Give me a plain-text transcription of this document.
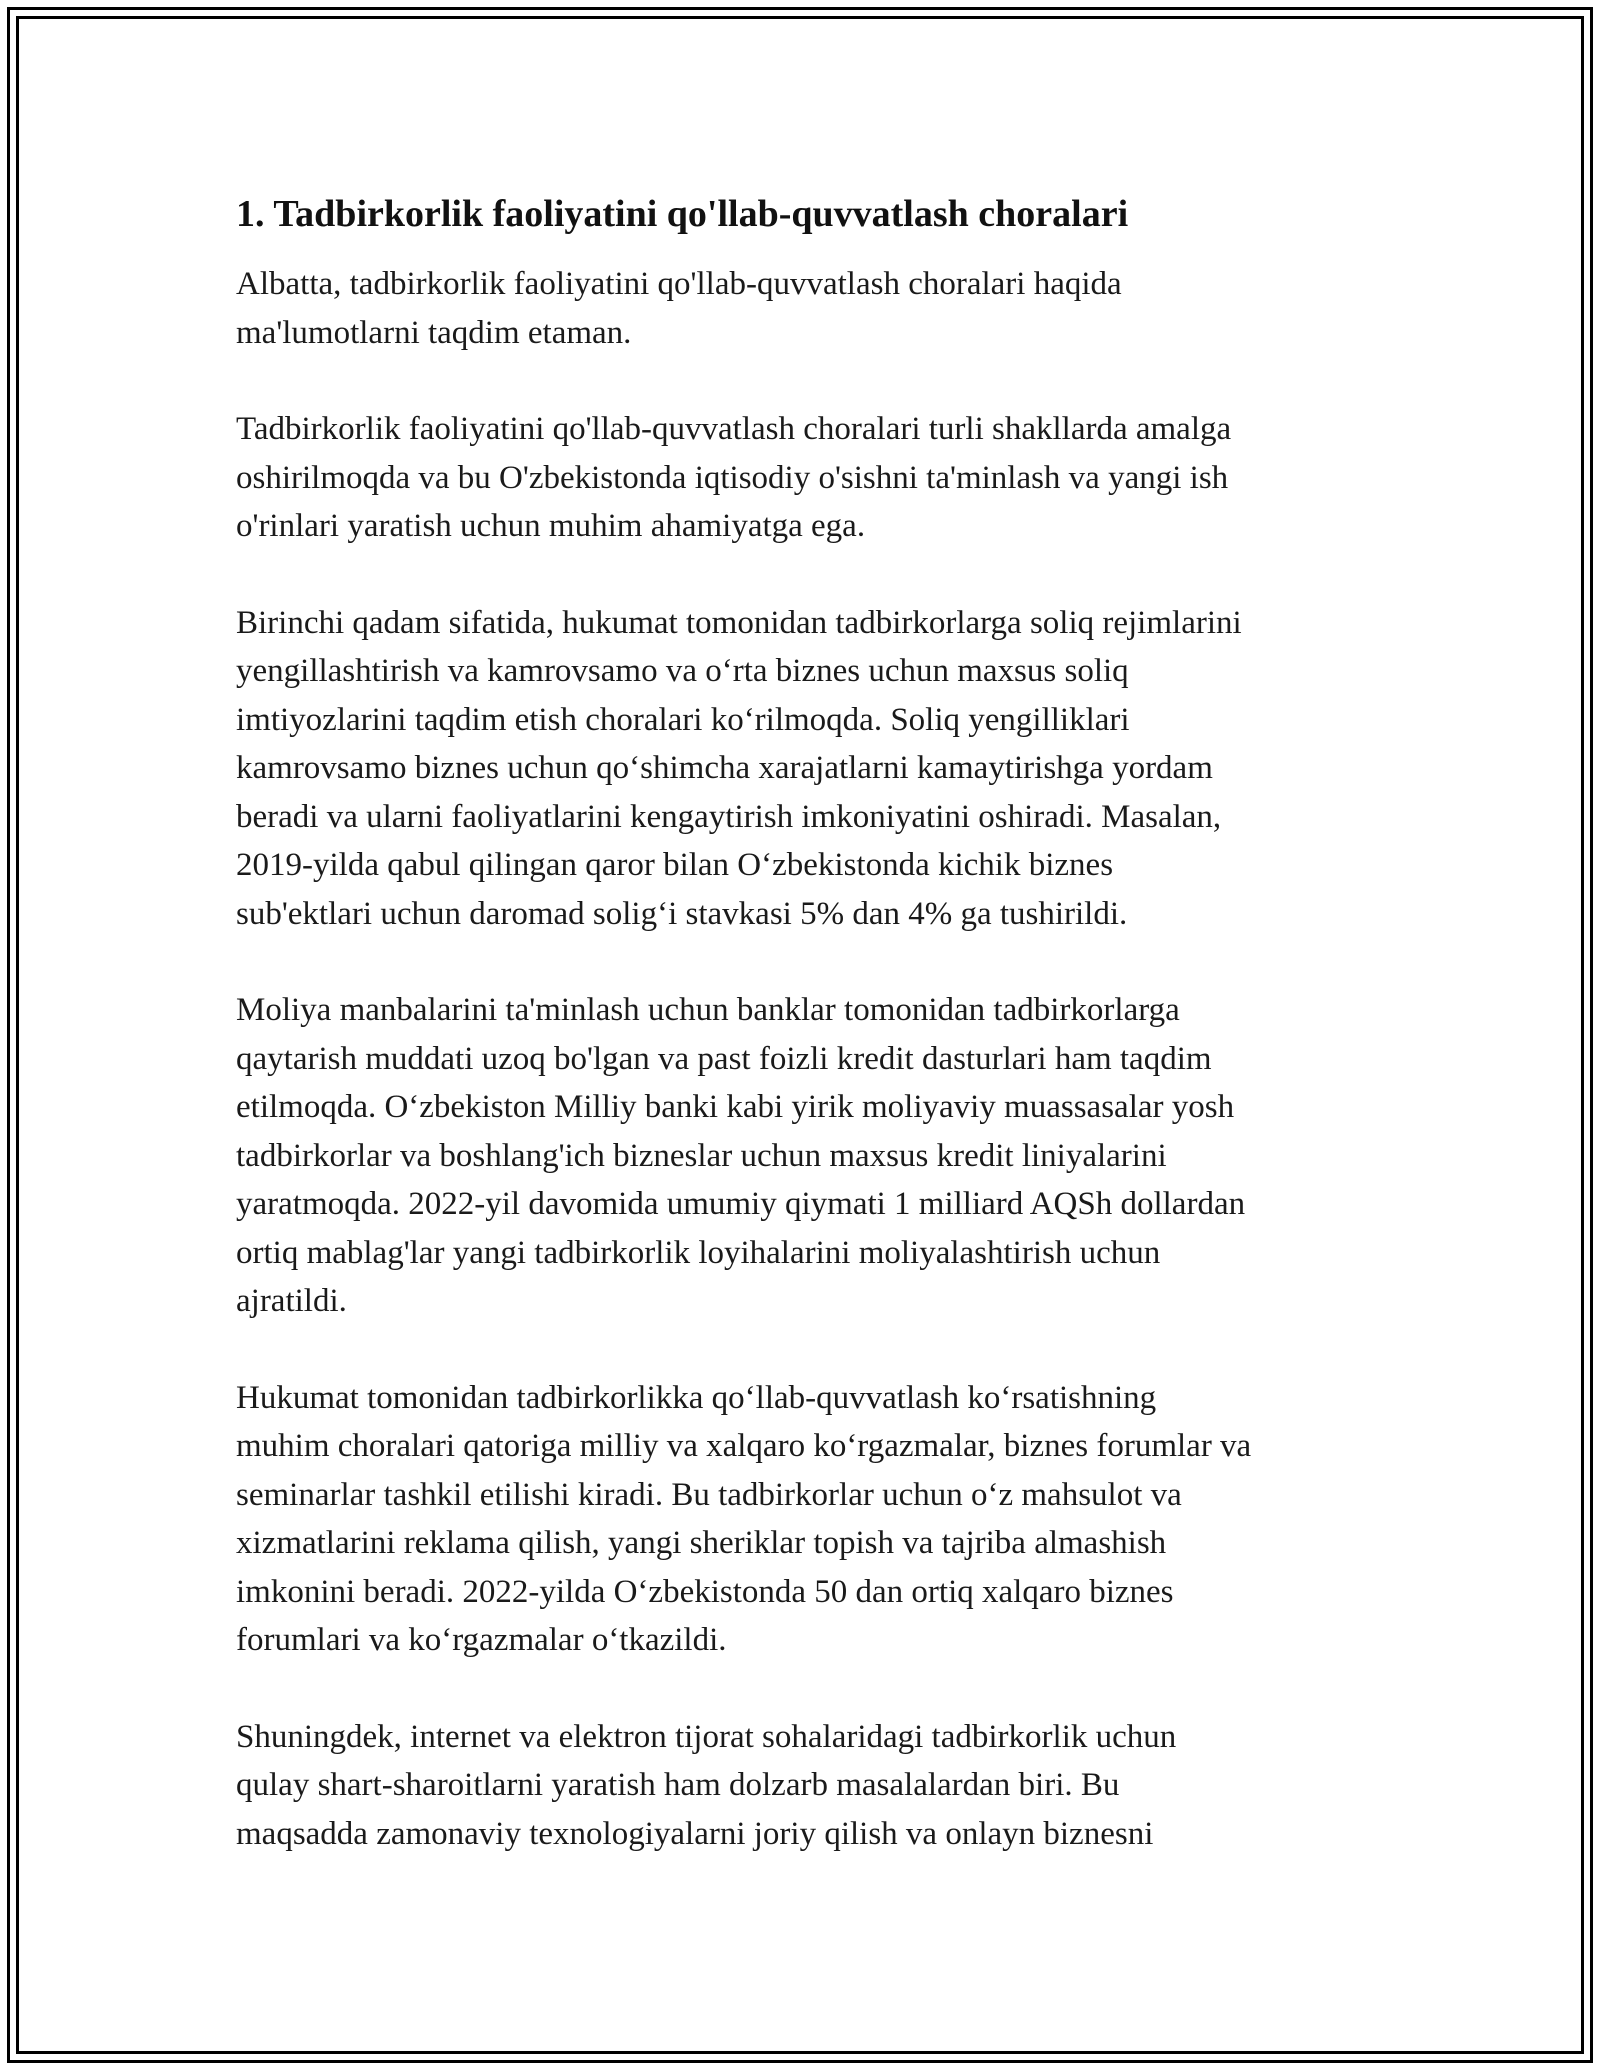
1. Tadbirkorlik faoliyatini qo'llab-quvvatlash choralari

Albatta, tadbirkorlik faoliyatini qo'llab-quvvatlash choralari haqida
ma'lumotlarni taqdim etaman.

Tadbirkorlik faoliyatini qo'llab-quvvatlash choralari turli shakllarda amalga
oshirilmoqda va bu O'zbekistonda iqtisodiy o'sishni ta'minlash va yangi ish
o'rinlari yaratish uchun muhim ahamiyatga ega.

Birinchi qadam sifatida, hukumat tomonidan tadbirkorlarga soliq rejimlarini
yengillashtirish va kamrovsamo va oʻrta biznes uchun maxsus soliq
imtiyozlarini taqdim etish choralari koʻrilmoqda. Soliq yengilliklari
kamrovsamo biznes uchun qoʻshimcha xarajatlarni kamaytirishga yordam
beradi va ularni faoliyatlarini kengaytirish imkoniyatini oshiradi. Masalan,
2019-yilda qabul qilingan qaror bilan Oʻzbekistonda kichik biznes
sub'ektlari uchun daromad soligʻi stavkasi 5% dan 4% ga tushirildi.

Moliya manbalarini ta'minlash uchun banklar tomonidan tadbirkorlarga
qaytarish muddati uzoq bo'lgan va past foizli kredit dasturlari ham taqdim
etilmoqda. Oʻzbekiston Milliy banki kabi yirik moliyaviy muassasalar yosh
tadbirkorlar va boshlang'ich bizneslar uchun maxsus kredit liniyalarini
yaratmoqda. 2022-yil davomida umumiy qiymati 1 milliard AQSh dollardan
ortiq mablag'lar yangi tadbirkorlik loyihalarini moliyalashtirish uchun
ajratildi.

Hukumat tomonidan tadbirkorlikka qoʻllab-quvvatlash koʻrsatishning
muhim choralari qatoriga milliy va xalqaro koʻrgazmalar, biznes forumlar va
seminarlar tashkil etilishi kiradi. Bu tadbirkorlar uchun oʻz mahsulot va
xizmatlarini reklama qilish, yangi sheriklar topish va tajriba almashish
imkonini beradi. 2022-yilda Oʻzbekistonda 50 dan ortiq xalqaro biznes
forumlari va koʻrgazmalar oʻtkazildi.

Shuningdek, internet va elektron tijorat sohalaridagi tadbirkorlik uchun
qulay shart-sharoitlarni yaratish ham dolzarb masalalardan biri. Bu
maqsadda zamonaviy texnologiyalarni joriy qilish va onlayn biznesni
